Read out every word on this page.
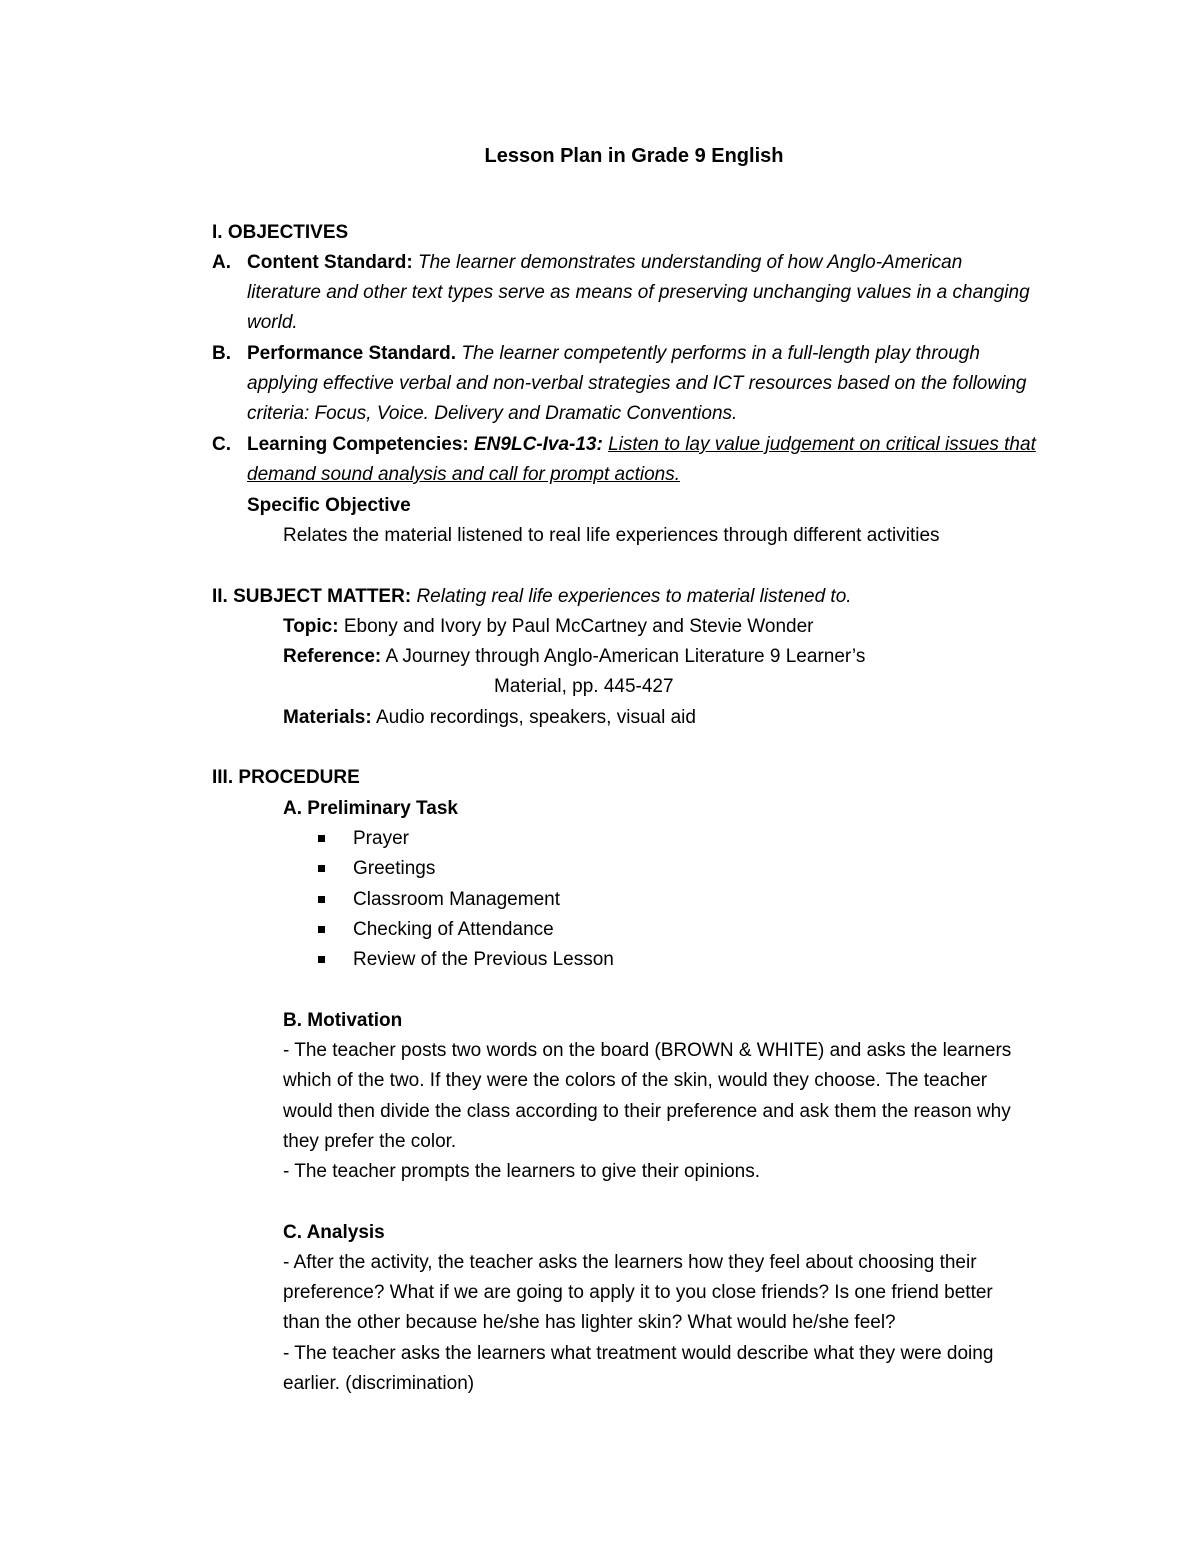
Lesson Plan in Grade 9 English
I. OBJECTIVES
A. Content Standard: The learner demonstrates understanding of how Anglo-American
literature and other text types serve as means of preserving unchanging values in a changing
world.
B. Performance Standard. The learner competently performs in a full-length play through
applying effective verbal and non-verbal strategies and ICT resources based on the following
criteria: Focus, Voice. Delivery and Dramatic Conventions.
C. Learning Competencies: EN9LC-Iva-13: Listen to lay value judgement on critical issues that
demand sound analysis and call for prompt actions.
Specific Objective
Relates the material listened to real life experiences through different activities
II. SUBJECT MATTER: Relating real life experiences to material listened to.
Topic: Ebony and Ivory by Paul McCartney and Stevie Wonder
Reference: A Journey through Anglo-American Literature 9 Learner’s
Material, pp. 445-427
Materials: Audio recordings, speakers, visual aid
III. PROCEDURE
A. Preliminary Task
Prayer
Greetings
Classroom Management
Checking of Attendance
Review of the Previous Lesson
B. Motivation
- The teacher posts two words on the board (BROWN & WHITE) and asks the learners
which of the two. If they were the colors of the skin, would they choose. The teacher
would then divide the class according to their preference and ask them the reason why
they prefer the color.
- The teacher prompts the learners to give their opinions.
C. Analysis
- After the activity, the teacher asks the learners how they feel about choosing their
preference? What if we are going to apply it to you close friends? Is one friend better
than the other because he/she has lighter skin? What would he/she feel?
- The teacher asks the learners what treatment would describe what they were doing
earlier. (discrimination)
